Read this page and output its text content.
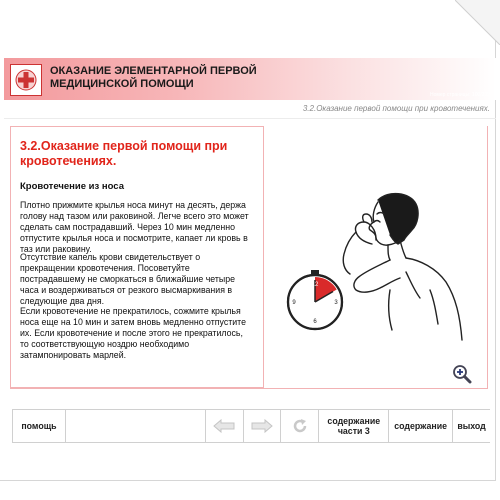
ОКАЗАНИЕ ЭЛЕМЕНТАРНОЙ ПЕРВОЙ МЕДИЦИНСКОЙ ПОМОЩИ
Номер страницы: 100/239
3.2.Оказание первой помощи при кровотечениях.
3.2.Оказание первой помощи при кровотечениях.
Кровотечение из носа
Плотно прижмите крылья носа минут на десять, держа голову над тазом или раковиной. Легче всего это может сделать сам пострадавший. Через 10 мин медленно отпустите крылья носа и посмотрите, капает ли кровь в таз или раковину.
Отсутствие капель крови свидетельствует о прекращении кровотечения. Посоветуйте пострадавшему не сморкаться в ближайшие четыре часа и воздерживаться от резкого высмаркивания в следующие два дня.
Если кровотечение не прекратилось, сожмите крылья носа еще на 10 мин и затем вновь медленно отпустите их. Если кровотечение и после этого не прекратилось, то соответствующую ноздрю необходимо затампонировать марлей.
12
3
6
9
помощь	содержание части 3	содержание	выход
